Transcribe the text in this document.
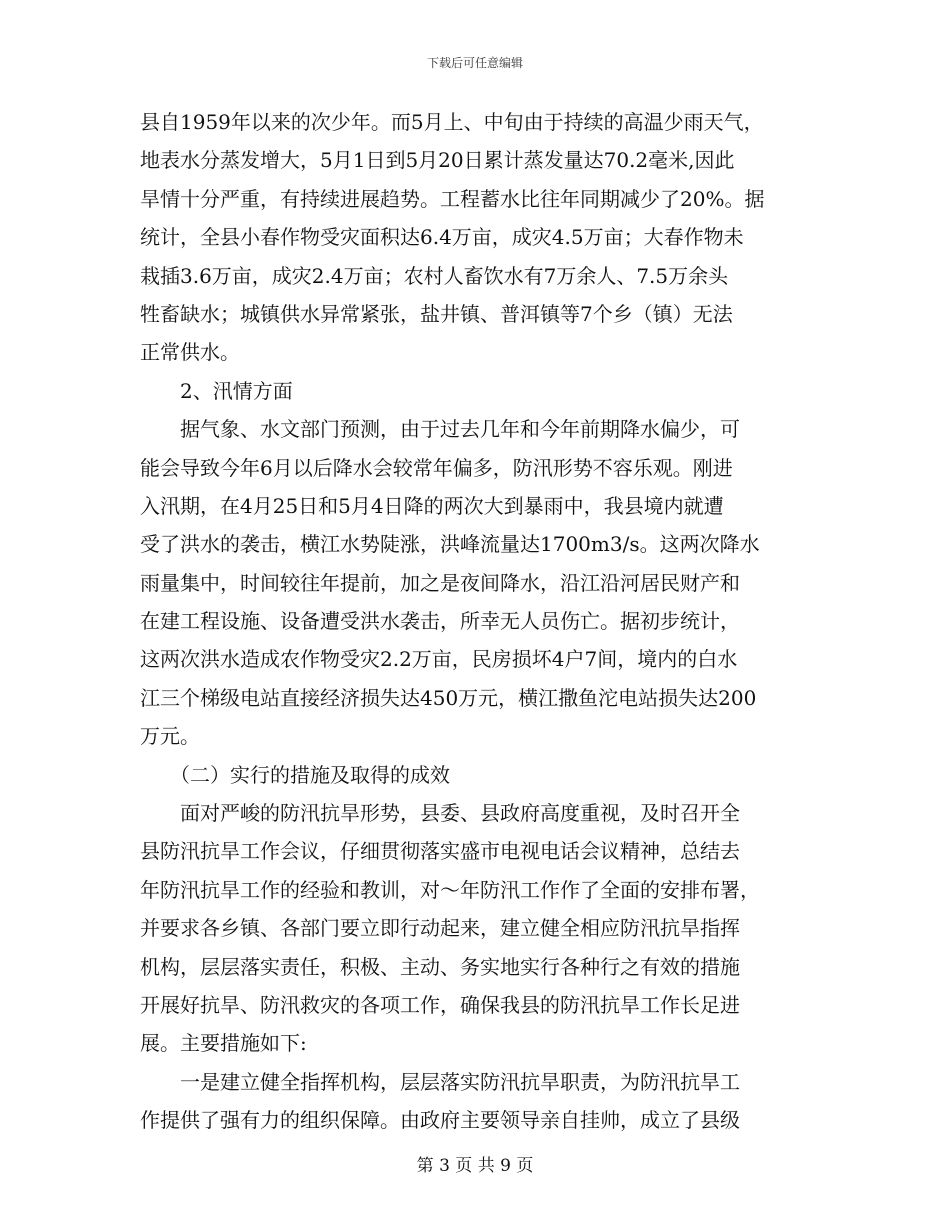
下载后可任意编辑
县自1959年以来的次少年。而5月上、中旬由于持续的高温少雨天气，
地表水分蒸发增大，5月1日到5月20日累计蒸发量达70.2毫米,因此
旱情十分严重，有持续进展趋势。工程蓄水比往年同期减少了20%。据
统计，全县小春作物受灾面积达6.4万亩，成灾4.5万亩；大春作物未
栽插3.6万亩，成灾2.4万亩；农村人畜饮水有7万余人、7.5万余头
牲畜缺水；城镇供水异常紧张，盐井镇、普洱镇等7个乡（镇）无法
正常供水。
　　2、汛情方面
　　据气象、水文部门预测，由于过去几年和今年前期降水偏少，可
能会导致今年6月以后降水会较常年偏多，防汛形势不容乐观。刚进
入汛期，在4月25日和5月4日降的两次大到暴雨中，我县境内就遭
受了洪水的袭击，横江水势陡涨，洪峰流量达1700m3/s。这两次降水
雨量集中，时间较往年提前，加之是夜间降水，沿江沿河居民财产和
在建工程设施、设备遭受洪水袭击，所幸无人员伤亡。据初步统计，
这两次洪水造成农作物受灾2.2万亩，民房损坏4户7间，境内的白水
江三个梯级电站直接经济损失达450万元，横江撒鱼沱电站损失达200
万元。
　　（二）实行的措施及取得的成效
　　面对严峻的防汛抗旱形势，县委、县政府高度重视，及时召开全
县防汛抗旱工作会议，仔细贯彻落实盛市电视电话会议精神，总结去
年防汛抗旱工作的经验和教训，对～年防汛工作作了全面的安排布署，
并要求各乡镇、各部门要立即行动起来，建立健全相应防汛抗旱指挥
机构，层层落实责任，积极、主动、务实地实行各种行之有效的措施
开展好抗旱、防汛救灾的各项工作，确保我县的防汛抗旱工作长足进
展。主要措施如下:
　　一是建立健全指挥机构，层层落实防汛抗旱职责，为防汛抗旱工
作提供了强有力的组织保障。由政府主要领导亲自挂帅，成立了县级
第 3 页 共 9 页
